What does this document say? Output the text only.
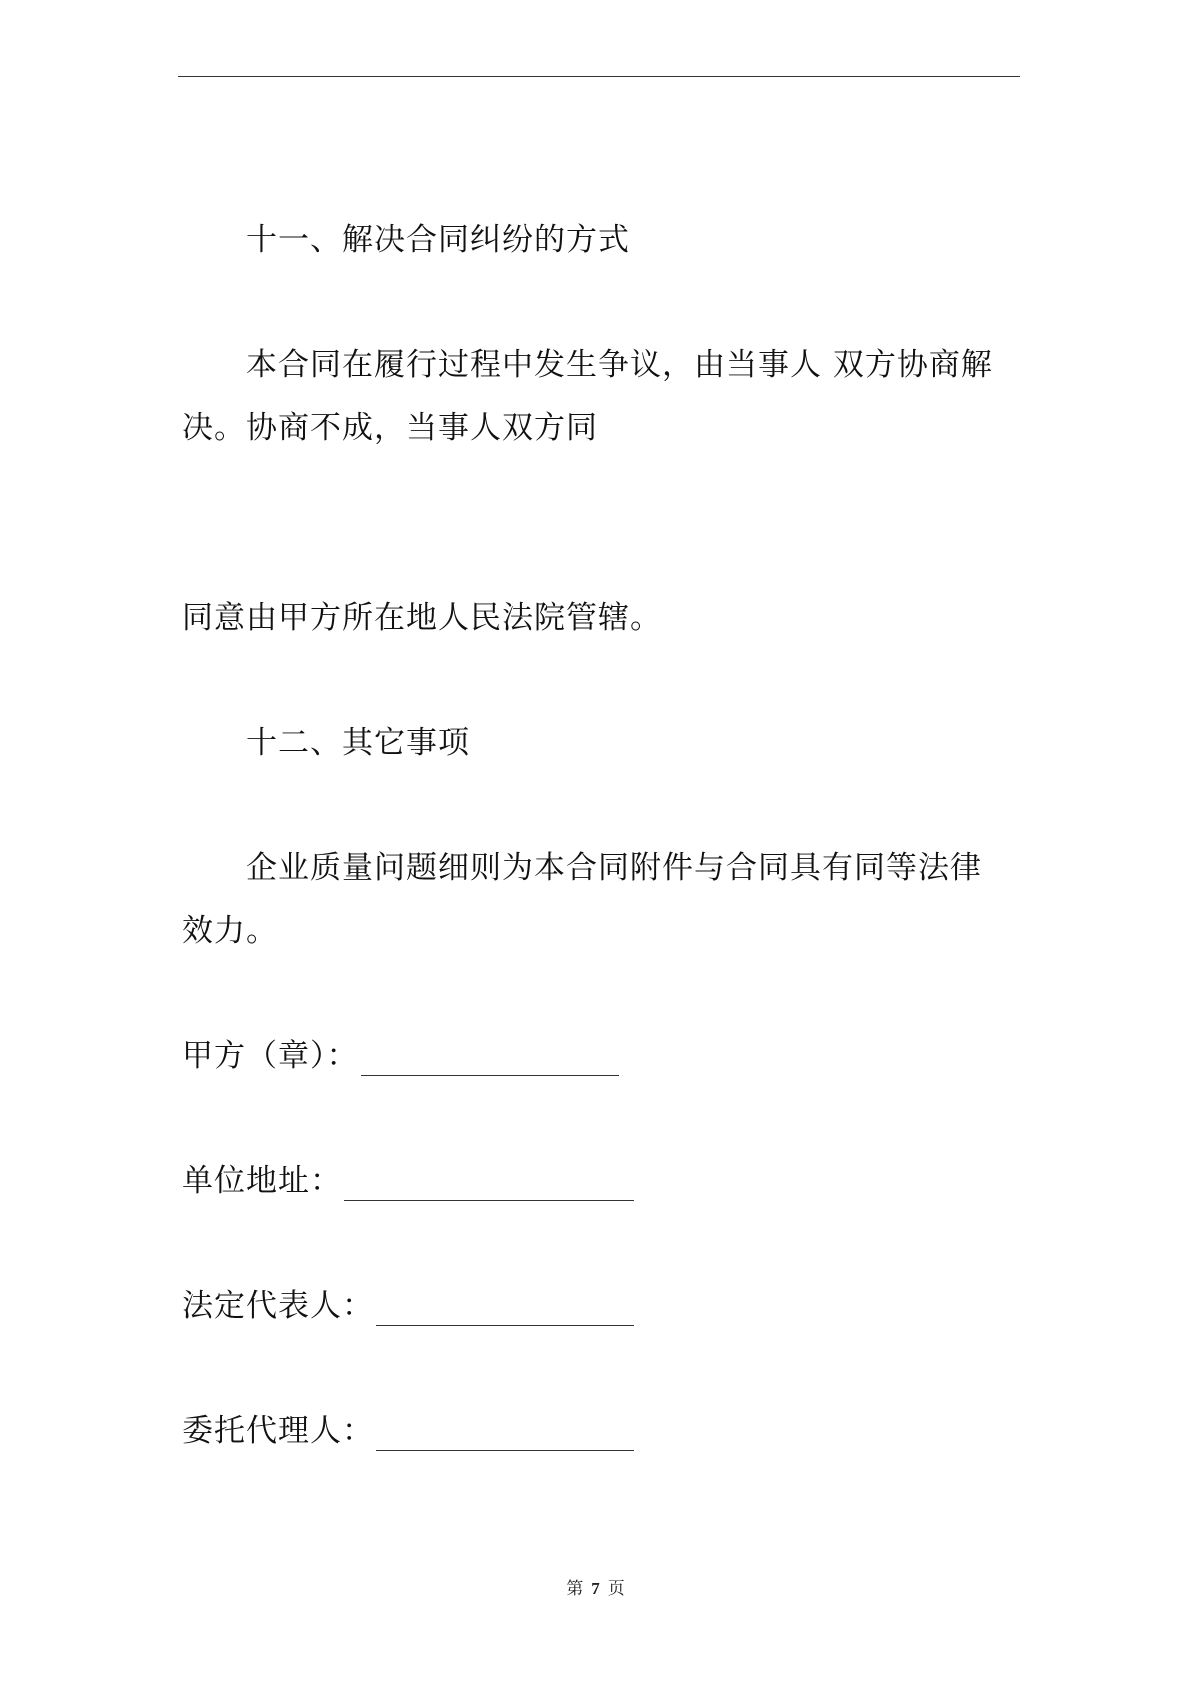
十一、解决合同纠纷的方式
本合同在履行过程中发生争议，由当事人 双方协商解
决。协商不成，当事人双方同
同意由甲方所在地人民法院管辖。
十二、其它事项
企业质量问题细则为本合同附件与合同具有同等法律
效力。
甲方（章）：
单位地址：
法定代表人：
委托代理人：
第 7 页
